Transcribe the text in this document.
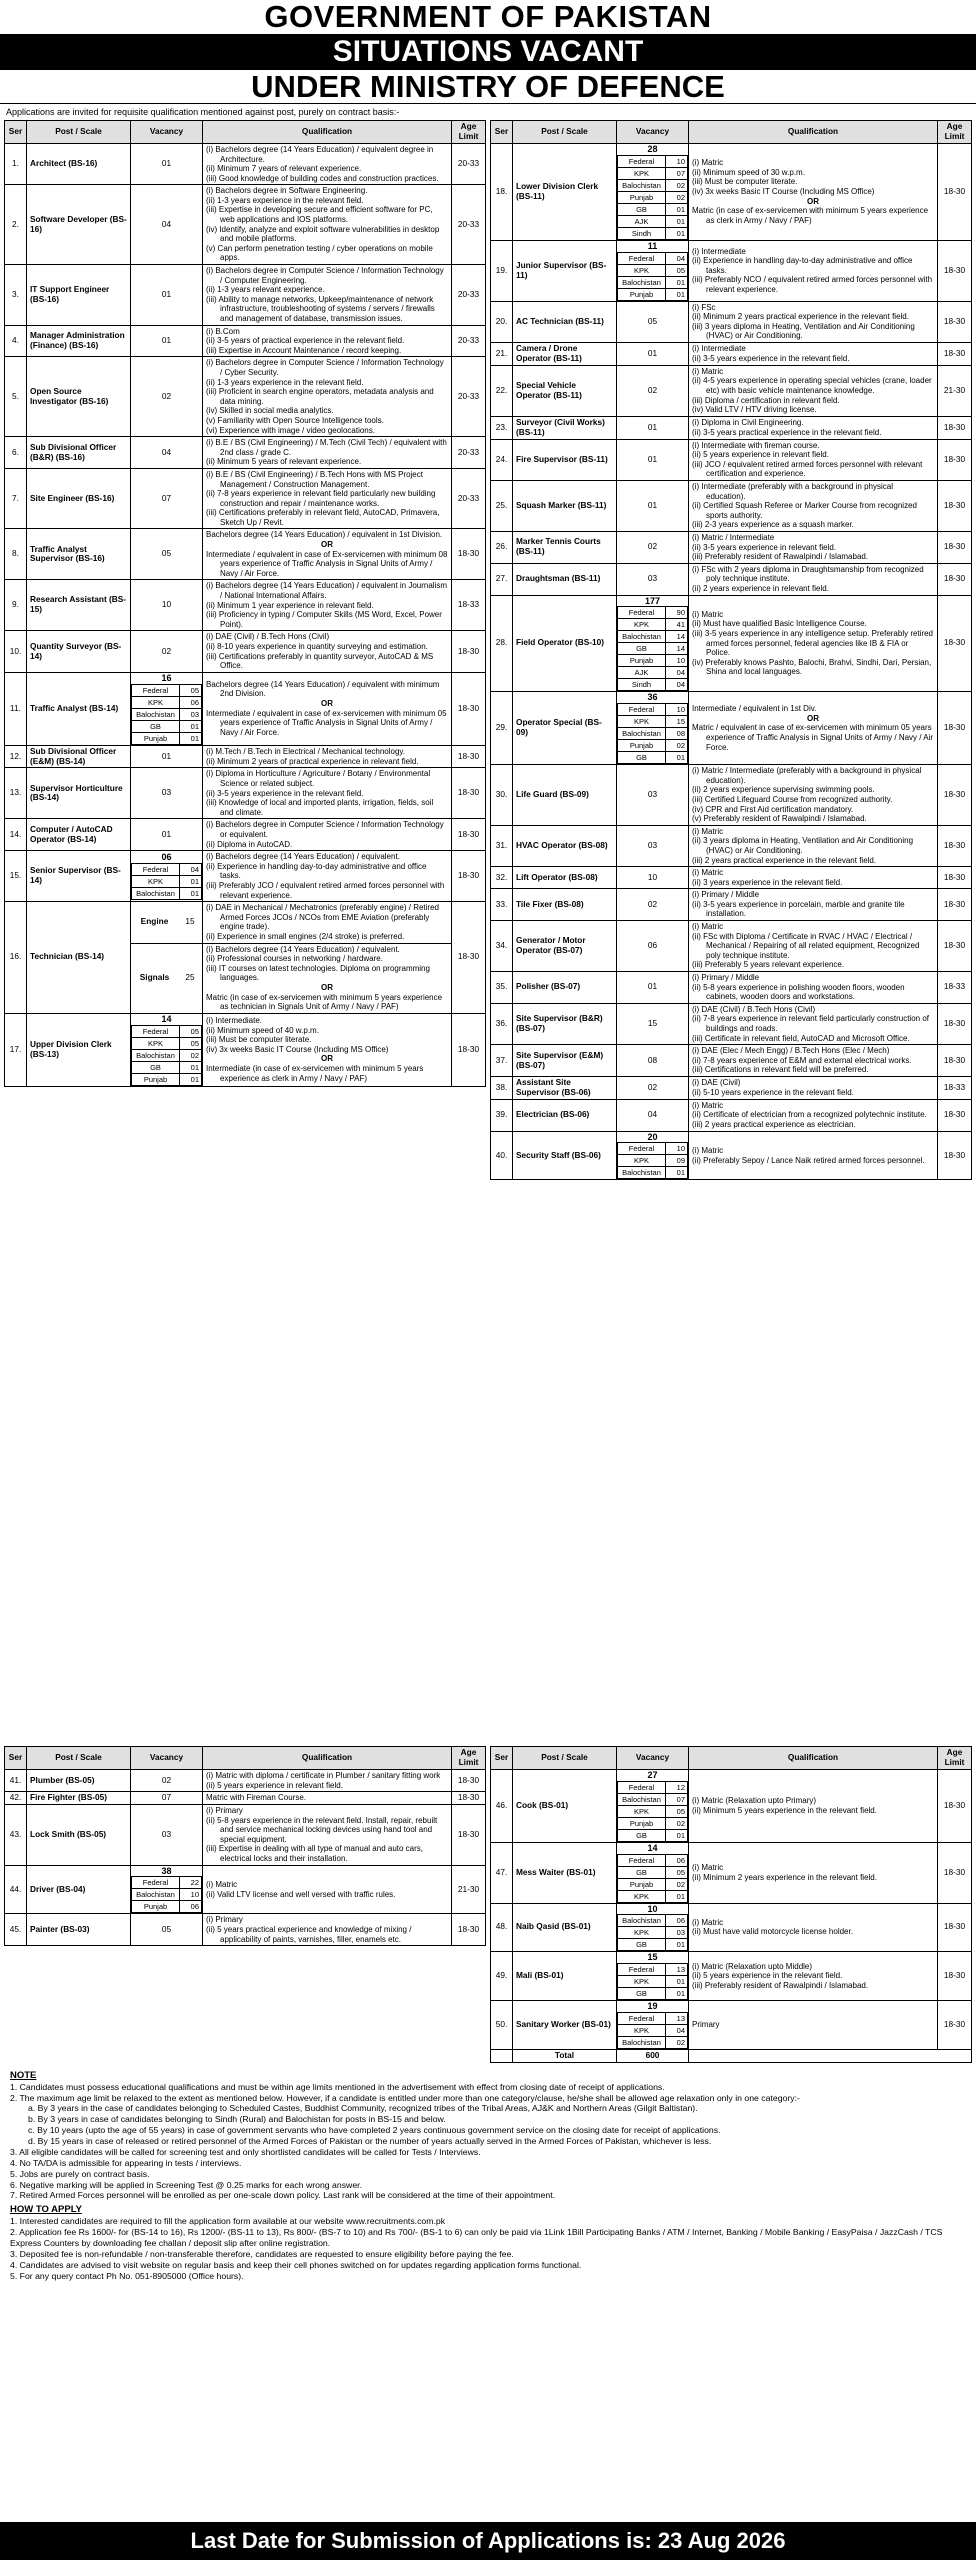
GOVERNMENT OF PAKISTAN
SITUATIONS VACANT
UNDER MINISTRY OF DEFENCE
Applications are invited for requisite qualification mentioned against post, purely on contract basis:-
Ser	Post / Scale	Vacancy	Qualification	Age Limit
1.	Architect (BS-16)	01	
(i) Bachelors degree (14 Years Education) / equivalent degree in Architecture.
(ii) Minimum 7 years of relevant experience.
(iii) Good knowledge of building codes and construction practices.
	20-33
2.	Software Developer (BS-16)	04	
(i) Bachelors degree in Software Engineering.
(ii) 1-3 years experience in the relevant field.
(iii) Expertise in developing secure and efficient software for PC, web applications and IOS platforms.
(iv) Identify, analyze and exploit software vulnerabilities in desktop and mobile platforms.
(v) Can perform penetration testing / cyber operations on mobile apps.
	20-33
3.	IT Support Engineer (BS-16)	01	
(i) Bachelors degree in Computer Science / Information Technology / Computer Engineering.
(ii) 1-3 years relevant experience.
(iii) Ability to manage networks, Upkeep/maintenance of network infrastructure, troubleshooting of systems / servers / firewalls and management of database, transmission issues.
	20-33
4.	Manager Administration (Finance) (BS-16)	01	
(i) B.Com
(ii) 3-5 years of practical experience in the relevant field.
(iii) Expertise in Account Maintenance / record keeping.
	20-33
5.	Open Source Investigator (BS-16)	02	
(i) Bachelors degree in Computer Science / Information Technology / Cyber Security.
(ii) 1-3 years experience in the relevant field.
(iii) Proficient in search engine operators, metadata analysis and data mining.
(iv) Skilled in social media analytics.
(v) Familiarity with Open Source Intelligence tools.
(vi) Experience with image / video geolocations.
	20-33
6.	Sub Divisional Officer (B&R) (BS-16)	04	
(i) B.E / BS (Civil Engineering) / M.Tech (Civil Tech) / equivalent with 2nd class / grade C.
(ii) Minimum 5 years of relevant experience.
	20-33
7.	Site Engineer (BS-16)	07	
(i) B.E / BS (Civil Engineering) / B.Tech Hons with MS Project Management / Construction Management.
(ii) 7-8 years experience in relevant field particularly new building construction and repair / maintenance works.
(iii) Certifications preferably in relevant field, AutoCAD, Primavera, Sketch Up / Revit.
	20-33
8.	Traffic Analyst Supervisor (BS-16)	05	
Bachelors degree (14 Years Education) / equivalent in 1st Division.
OR
Intermediate / equivalent in case of Ex-servicemen with minimum 08 years experience of Traffic Analysis in Signal Units of Army / Navy / Air Force.
	18-30
9.	Research Assistant (BS-15)	10	
(i) Bachelors degree (14 Years Education) / equivalent in Journalism / National International Affairs.
(ii) Minimum 1 year experience in relevant field.
(iii) Proficiency in typing / Computer Skills (MS Word, Excel, Power Point).
	18-33
10.	Quantity Surveyor (BS-14)	02	
(i) DAE (Civil) / B.Tech Hons (Civil)
(ii) 8-10 years experience in quantity surveying and estimation.
(iii) Certifications preferably in quantity surveyor, AutoCAD & MS Office.
	18-30
11.	Traffic Analyst (BS-14)	
16
Federal	05
KPK	06
Balochistan	03
GB	01
Punjab	01

Bachelors degree (14 Years Education) / equivalent with minimum 2nd Division.
OR
Intermediate / equivalent in case of ex-servicemen with minimum 05 years experience of Traffic Analysis in Signal Units of Army / Navy / Air Force.
	18-30
12.	Sub Divisional Officer (E&M) (BS-14)	01	(i) M.Tech / B.Tech in Electrical / Mechanical technology.
(ii) Minimum 2 years of practical experience in relevant field.
	18-30
13.	Supervisor Horticulture (BS-14)	03	
(i) Diploma in Horticulture / Agriculture / Botany / Environmental Science or related subject.
(ii) 3-5 years experience in the relevant field.
(iii) Knowledge of local and imported plants, irrigation, fields, soil and climate.
	18-30
14.	Computer / AutoCAD Operator (BS-14)	01	
(i) Bachelors degree in Computer Science / Information Technology or equivalent.
(ii) Diploma in AutoCAD.
	18-30
15.	Senior Supervisor (BS-14)	
06
Federal	04
KPK	01
Balochistan	01

(i) Bachelors degree (14 Years Education) / equivalent.
(ii) Experience in handling day-to-day administrative and office tasks.
(iii) Preferably JCO / equivalent retired armed forces personnel with relevant experience.
	18-30
16.	Technician (BS-14)	
Engine	15

(i) DAE in Mechanical / Mechatronics (preferably engine) / Retired Armed Forces JCOs / NCOs from EME Aviation (preferably engine trade).
(ii) Experience in small engines (2/4 stroke) is preferred.
	18-30

Signals	25

(i) Bachelors degree (14 Years Education) / equivalent.
(ii) Professional courses in networking / hardware.
(iii) IT courses on latest technologies. Diploma on programming languages.
OR
Matric (in case of ex-servicemen with minimum 5 years experience as technician in Signals Unit of Army / Navy / PAF)

17.	Upper Division Clerk (BS-13)	
14
Federal	05
KPK	05
Balochistan	02
GB	01
Punjab	01

(i) Intermediate.
(ii) Minimum speed of 40 w.p.m.
(iii) Must be computer literate.
(iv) 3x weeks Basic IT Course (Including MS Office)
OR
Intermediate (in case of ex-servicemen with minimum 5 years experience as clerk in Army / Navy / PAF)
	18-30
Ser	Post / Scale	Vacancy	Qualification	Age Limit
18.	Lower Division Clerk (BS-11)	
28
Federal	10
KPK	07
Balochistan	02
Punjab	02
GB	01
AJK	01
Sindh	01

(i) Matric
(ii) Minimum speed of 30 w.p.m.
(iii) Must be computer literate.
(iv) 3x weeks Basic IT Course (Including MS Office)
OR
Matric (in case of ex-servicemen with minimum 5 years experience as clerk in Army / Navy / PAF)
	18-30
19.	Junior Supervisor (BS-11)	
11
Federal	04
KPK	05
Balochistan	01
Punjab	01

(i) Intermediate
(ii) Experience in handling day-to-day administrative and office tasks.
(iii) Preferably NCO / equivalent retired armed forces personnel with relevant experience.
	18-30
20.	AC Technician (BS-11)	05	
(i) FSc
(ii) Minimum 2 years practical experience in the relevant field.
(iii) 3 years diploma in Heating, Ventilation and Air Conditioning (HVAC) or Air Conditioning.
	18-30
21.	Camera / Drone Operator (BS-11)	01	(i) Intermediate
(ii) 3-5 years experience in the relevant field.
	18-30
22.	Special Vehicle Operator (BS-11)	02	
(i) Matric
(ii) 4-5 years experience in operating special vehicles (crane, loader etc) with basic vehicle maintenance knowledge.
(iii) Diploma / certification in relevant field.
(iv) Valid LTV / HTV driving license.
	21-30
23.	Surveyor (Civil Works) (BS-11)	01	(i) Diploma in Civil Engineering.
(ii) 3-5 years practical experience in the relevant field.
	18-30
24.	Fire Supervisor (BS-11)	01	
(i) Intermediate with fireman course.
(ii) 5 years experience in relevant field.
(iii) JCO / equivalent retired armed forces personnel with relevant certification and experience.
	18-30
25.	Squash Marker (BS-11)	01	
(i) Intermediate (preferably with a background in physical education).
(ii) Certified Squash Referee or Marker Course from recognized sports authority.
(iii) 2-3 years experience as a squash marker.
	18-30
26.	Marker Tennis Courts (BS-11)	02	
(i) Matric / Intermediate
(ii) 3-5 years experience in relevant field.
(iii) Preferably resident of Rawalpindi / Islamabad.
	18-30
27.	Draughtsman (BS-11)	03	
(i) FSc with 2 years diploma in Draughtsmanship from recognized poly technique institute.
(ii) 2 years experience in relevant field.
	18-30
28.	Field Operator (BS-10)	
177
Federal	90
KPK	41
Balochistan	14
GB	14
Punjab	10
AJK	04
Sindh	04

(i) Matric
(ii) Must have qualified Basic Intelligence Course.
(iii) 3-5 years experience in any intelligence setup. Preferably retired armed forces personnel, federal agencies like IB & FIA or Police.
(iv) Preferably knows Pashto, Balochi, Brahvi, Sindhi, Dari, Persian, Shina and local languages.
	18-30
29.	Operator Special (BS-09)	
36
Federal	10
KPK	15
Balochistan	08
Punjab	02
GB	01

Intermediate / equivalent in 1st Div.
OR
Matric / equivalent in case of ex-servicemen with minimum 05 years experience of Traffic Analysis in Signal Units of Army / Navy / Air Force.
	18-30
30.	Life Guard (BS-09)	03	
(i) Matric / Intermediate (preferably with a background in physical education).
(ii) 2 years experience supervising swimming pools.
(iii) Certified Lifeguard Course from recognized authority.
(iv) CPR and First Aid certification mandatory.
(v) Preferably resident of Rawalpindi / Islamabad.
	18-30
31.	HVAC Operator (BS-08)	03	
(i) Matric
(ii) 3 years diploma in Heating, Ventilation and Air Conditioning (HVAC) or Air Conditioning.
(iii) 2 years practical experience in the relevant field.
	18-30
32.	Lift Operator (BS-08)	10	(i) Matric
(ii) 3 years experience in the relevant field.
	18-30
33.	Tile Fixer (BS-08)	02	
(i) Primary / Middle
(ii) 3-5 years experience in porcelain, marble and granite tile installation.
	18-30
34.	Generator / Motor Operator (BS-07)	06	
(i) Matric
(ii) FSc with Diploma / Certificate in RVAC / HVAC / Electrical / Mechanical / Repairing of all related equipment, Recognized poly technique institute.
(iii) Preferably 5 years relevant experience.
	18-30
35.	Polisher (BS-07)	01	
(i) Primary / Middle
(ii) 5-8 years experience in polishing wooden floors, wooden cabinets, wooden doors and workstations.
	18-33
36.	Site Supervisor (B&R) (BS-07)	15	
(i) DAE (Civil) / B.Tech Hons (Civil)
(ii) 7-8 years experience in relevant field particularly construction of buildings and roads.
(iii) Certificate in relevant field, AutoCAD and Microsoft Office.
	18-30
37.	Site Supervisor (E&M) (BS-07)	08	
(i) DAE (Elec / Mech Engg) / B.Tech Hons (Elec / Mech)
(ii) 7-8 years experience of E&M and external electrical works.
(iii) Certifications in relevant field will be preferred.
	18-30
38.	Assistant Site Supervisor (BS-06)	02	(i) DAE (Civil)
(ii) 5-10 years experience in the relevant field.
	18-33
39.	Electrician (BS-06)	04	
(i) Matric
(ii) Certificate of electrician from a recognized polytechnic institute.
(iii) 2 years practical experience as electrician.
	18-30
40.	Security Staff (BS-06)	
20
Federal	10
KPK	09
Balochistan	01

(i) Matric
(ii) Preferably Sepoy / Lance Naik retired armed forces personnel.
	18-30
Ser	Post / Scale	Vacancy	Qualification	Age Limit
41.	Plumber (BS-05)	02	(i) Matric with diploma / certificate in Plumber / sanitary fitting work
(ii) 5 years experience in relevant field.
	18-30
42.	Fire Fighter (BS-05)	07	Matric with Fireman Course.	18-30
43.	Lock Smith (BS-05)	03	
(i) Primary
(ii) 5-8 years experience in the relevant field. Install, repair, rebuilt and service mechanical locking devices using hand tool and special equipment.
(iii) Expertise in dealing with all type of manual and auto cars, electrical locks and their installation.
	18-30
44.	Driver (BS-04)	
38
Federal	22
Balochistan	10
Punjab	06

(i) Matric
(ii) Valid LTV license and well versed with traffic rules.
	21-30
45.	Painter (BS-03)	05	
(i) Primary
(ii) 5 years practical experience and knowledge of mixing / applicability of paints, varnishes, filler, enamels etc.
	18-30
Ser	Post / Scale	Vacancy	Qualification	Age Limit
46.	Cook (BS-01)	
27
Federal	12
Balochistan	07
KPK	05
Punjab	02
GB	01

(i) Matric (Relaxation upto Primary)
(ii) Minimum 5 years experience in the relevant field.
	18-30
47.	Mess Waiter (BS-01)	
14
Federal	06
GB	05
Punjab	02
KPK	01

(i) Matric
(ii) Minimum 2 years experience in the relevant field.
	18-30
48.	Naib Qasid (BS-01)	
10
Balochistan	06
KPK	03
GB	01

(i) Matric
(ii) Must have valid motorcycle license holder.
	18-30
49.	Mali (BS-01)	
15
Federal	13
KPK	01
GB	01

(i) Matric (Relaxation upto Middle)
(ii) 5 years experience in the relevant field.
(iii) Preferably resident of Rawalpindi / Islamabad.
	18-30
50.	Sanitary Worker (BS-01)	
19
Federal	13
KPK	04
Balochistan	02

Primary	18-30
	Total	600	
NOTE
1. Candidates must possess educational qualifications and must be within age limits mentioned in the advertisement with effect from closing date of receipt of applications.
2. The maximum age limit be relaxed to the extent as mentioned below. However, if a candidate is entitled under more than one category/clause, he/she shall be allowed age relaxation only in one category:-
a. By 3 years in the case of candidates belonging to Scheduled Castes, Buddhist Community, recognized tribes of the Tribal Areas, AJ&K and Northern Areas (Gilgit Baltistan).
b. By 3 years in case of candidates belonging to Sindh (Rural) and Balochistan for posts in BS-15 and below.
c. By 10 years (upto the age of 55 years) in case of government servants who have completed 2 years continuous government service on the closing date for receipt of applications.
d. By 15 years in case of released or retired personnel of the Armed Forces of Pakistan or the number of years actually served in the Armed Forces of Pakistan, whichever is less.
3. All eligible candidates will be called for screening test and only shortlisted candidates will be called for Tests / Interviews.
4. No TA/DA is admissible for appearing in tests / interviews.
5. Jobs are purely on contract basis.
6. Negative marking will be applied in Screening Test @ 0.25 marks for each wrong answer.
7. Retired Armed Forces personnel will be enrolled as per one-scale down policy. Last rank will be considered at the time of their appointment.
HOW TO APPLY
1. Interested candidates are required to fill the application form available at our website www.recruitments.com.pk
2. Application fee Rs 1600/- for (BS-14 to 16), Rs 1200/- (BS-11 to 13), Rs 800/- (BS-7 to 10) and Rs 700/- (BS-1 to 6) can only be paid via 1Link 1Bill Participating Banks / ATM / Internet, Banking / Mobile Banking / EasyPaisa / JazzCash / TCS Express Counters by downloading fee challan / deposit slip after online registration.
3. Deposited fee is non-refundable / non-transferable therefore, candidates are requested to ensure eligibility before paying the fee.
4. Candidates are advised to visit website on regular basis and keep their cell phones switched on for updates regarding application forms functional.
5. For any query contact Ph No. 051-8905000 (Office hours).
Last Date for Submission of Applications is: 23 Aug 2026
